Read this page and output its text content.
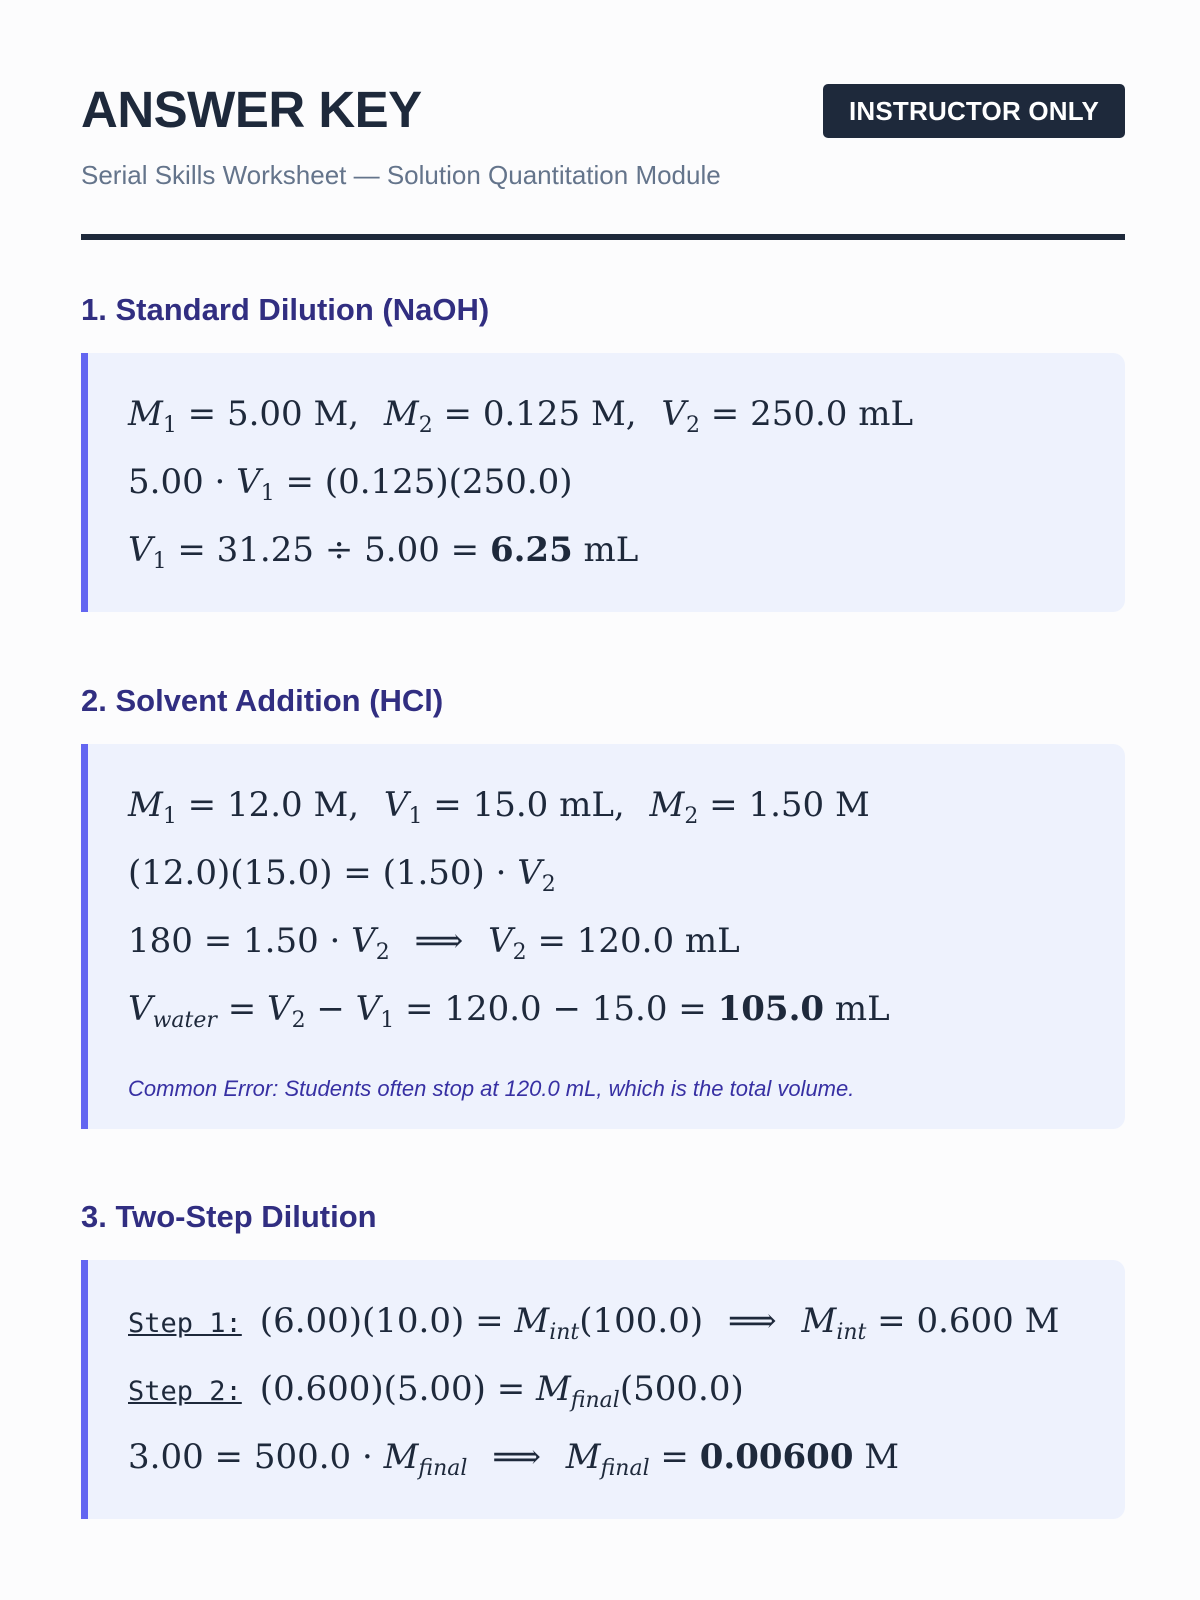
ANSWER KEY	INSTRUCTOR ONLY
Serial Skills Worksheet — Solution Quantitation Module
1. Standard Dilution (NaOH)
$M_1 = 5.00$ M, $M_2 = 0.125$ M, $V_2 = 250.0$ mL
$5.00 \cdot V_1 = (0.125)(250.0)$
$V_1 = 31.25 \div 5.00 = 6.25$ mL
2. Solvent Addition (HCl)
$M_1 = 12.0$ M, $V_1 = 15.0$ mL, $M_2 = 1.50$ M
$(12.0)(15.0) = (1.50) \cdot V_2$
$180 = 1.50 \cdot V_2$ ⟹ $V_2 = 120.0$ mL
$V_{water} = V_2 - V_1 = 120.0 - 15.0 = 105.0$ mL
Common Error: Students often stop at 120.0 mL, which is the total volume.
3. Two-Step Dilution
Step 1: $(6.00)(10.0) = M_{int}(100.0)$ ⟹ $M_{int} = 0.600$ M
Step 2: $(0.600)(5.00) = M_{final}(500.0)$
$3.00 = 500.0 \cdot M_{final}$ ⟹ $M_{final} = 0.00600$ M
